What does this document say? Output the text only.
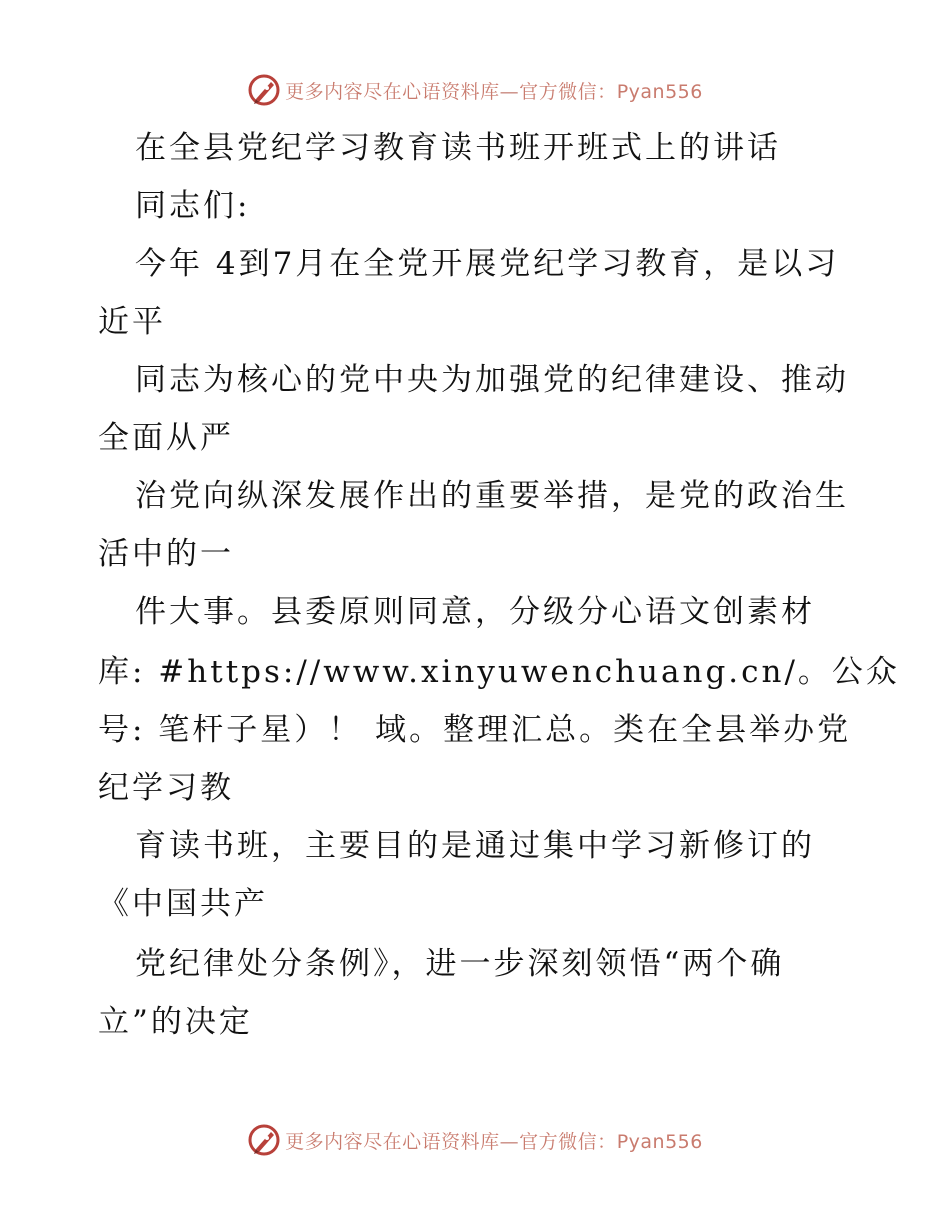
更多内容尽在心语资料库—官方微信：Pyan556
在全县党纪学习教育读书班开班式上的讲话
同志们:
今年 4到7月在全党开展党纪学习教育，是以习
近平
同志为核心的党中央为加强党的纪律建设、推动
全面从严
治党向纵深发展作出的重要举措，是党的政治生
活中的一
件大事。县委原则同意，分级分心语文创素材
库: #https://www.xinyuwenchuang.cn/。公众
号: 笔杆子星）！ 域。整理汇总。类在全县举办党
纪学习教
育读书班，主要目的是通过集中学习新修订的
《中国共产
党纪律处分条例》，进一步深刻领悟“两个确
立”的决定
更多内容尽在心语资料库—官方微信：Pyan556
